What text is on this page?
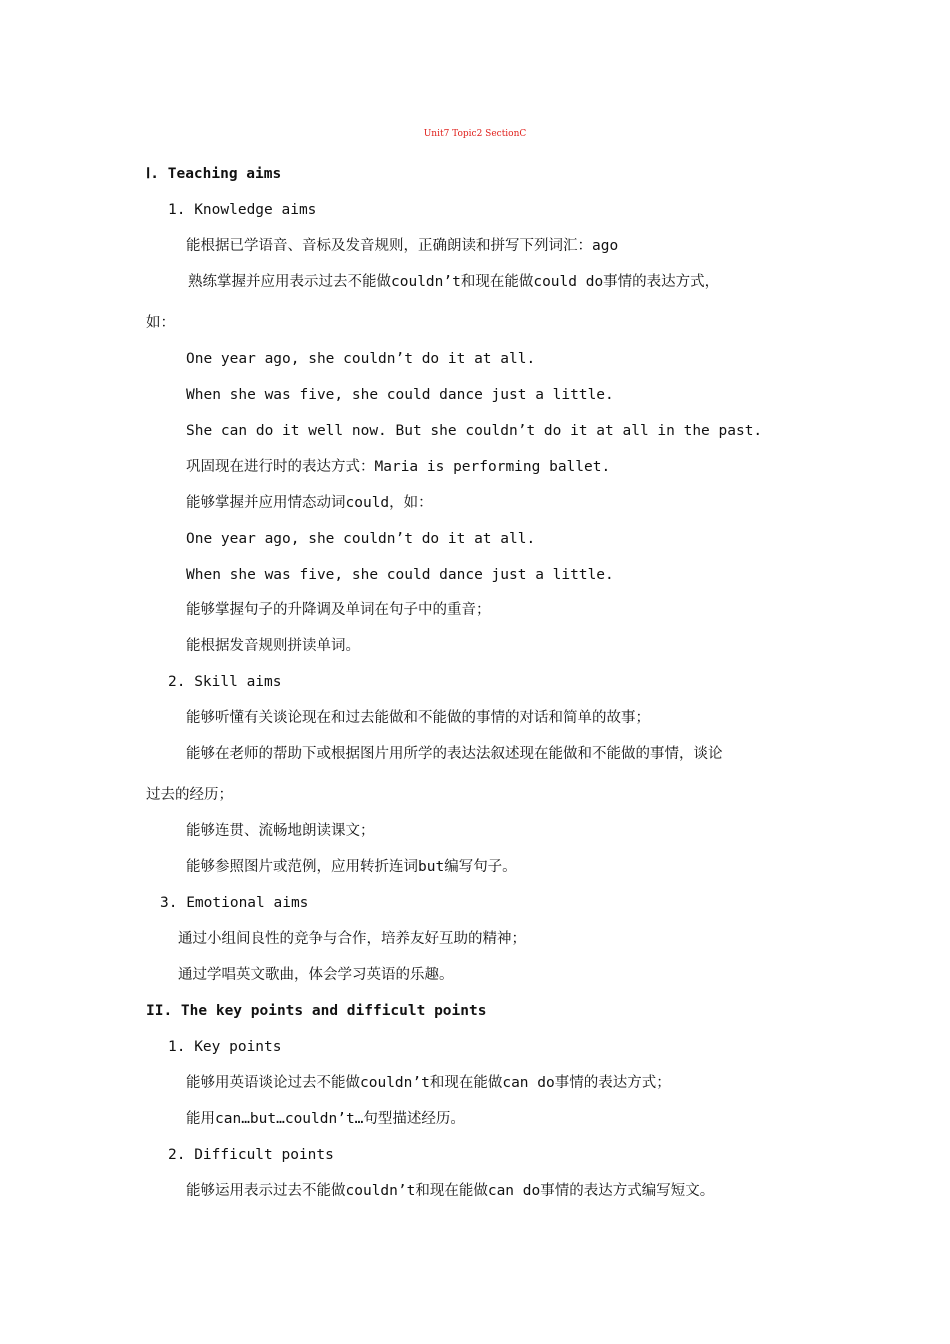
Unit7 Topic2 SectionC
Ⅰ. Teaching aims
1. Knowledge aims
能根据已学语音、音标及发音规则，正确朗读和拼写下列词汇：ago
熟练掌握并应用表示过去不能做couldn’t和现在能做could do事情的表达方式，
如：
One year ago, she couldn’t do it at all.
When she was five, she could dance just a little.
She can do it well now. But she couldn’t do it at all in the past.
巩固现在进行时的表达方式：Maria is performing ballet.
能够掌握并应用情态动词could，如：
One year ago, she couldn’t do it at all.
When she was five, she could dance just a little.
能够掌握句子的升降调及单词在句子中的重音；
能根据发音规则拼读单词。
2. Skill aims
能够听懂有关谈论现在和过去能做和不能做的事情的对话和简单的故事；
能够在老师的帮助下或根据图片用所学的表达法叙述现在能做和不能做的事情，谈论
过去的经历；
能够连贯、流畅地朗读课文；
能够参照图片或范例，应用转折连词but编写句子。
3. Emotional aims
通过小组间良性的竞争与合作，培养友好互助的精神；
通过学唱英文歌曲，体会学习英语的乐趣。
II. The key points and difficult points
1. Key points
能够用英语谈论过去不能做couldn’t和现在能做can do事情的表达方式；
能用can…but…couldn’t…句型描述经历。
2. Difficult points
能够运用表示过去不能做couldn’t和现在能做can do事情的表达方式编写短文。
